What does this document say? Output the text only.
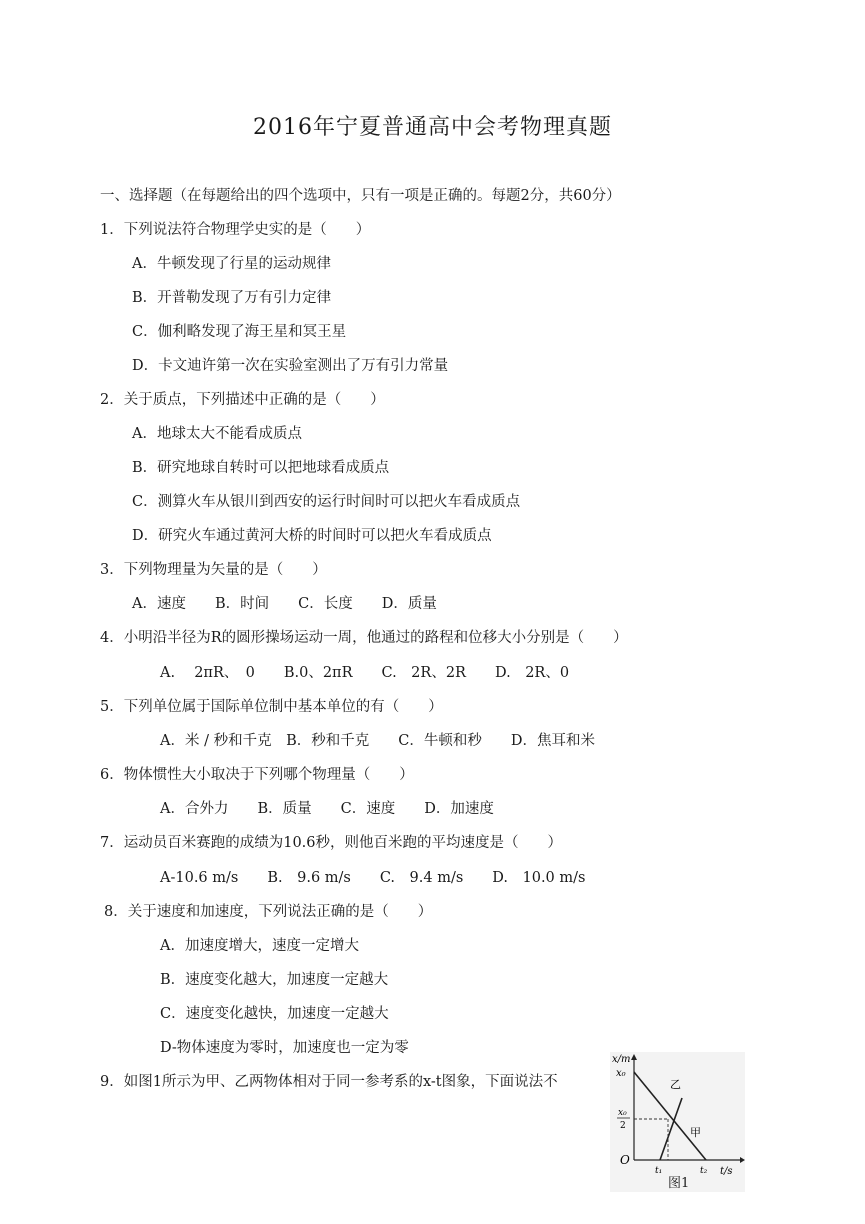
2016年宁夏普通高中会考物理真题
一、选择题（在每题给出的四个选项中，只有一项是正确的。每题2分，共60分）
1．下列说法符合物理学史实的是（　　）
A．牛顿发现了行星的运动规律
B．开普勒发现了万有引力定律
C．伽利略发现了海王星和冥王星
D．卡文迪许第一次在实验室测出了万有引力常量
2．关于质点，下列描述中正确的是（　　）
A．地球太大不能看成质点
B．研究地球自转时可以把地球看成质点
C．测算火车从银川到西安的运行时间时可以把火车看成质点
D．研究火车通过黄河大桥的时间时可以把火车看成质点
3．下列物理量为矢量的是（　　）
A．速度　　B．时间　　C．长度　　D．质量
4．小明沿半径为R的圆形操场运动一周，他通过的路程和位移大小分别是（　　）
A.　 2πR、　0　　B.0、2πR　　C.　2R、2R　　D.　2R、0
5．下列单位属于国际单位制中基本单位的有（　　）
A．米 / 秒和千克　B．秒和千克　　C．牛顿和秒　　D．焦耳和米
6．物体惯性大小取决于下列哪个物理量（　　）
A．合外力　　B．质量　　C．速度　　D．加速度
7．运动员百米赛跑的成绩为10.6秒，则他百米跑的平均速度是（　　）
A-10.6 m/s　　B.　9.6 m/s　　C.　9.4 m/s　　D.　10.0 m/s
8．关于速度和加速度，下列说法正确的是（　　）
A．加速度增大，速度一定增大
B．速度变化越大，加速度一定越大
C．速度变化越快，加速度一定越大
D-物体速度为零时，加速度也一定为零
9．如图1所示为甲、乙两物体相对于同一参考系的x-t图象，下面说法不
x/m
t/s
O
x₀
x₀
2
t₁	t₂
乙
甲
图1
